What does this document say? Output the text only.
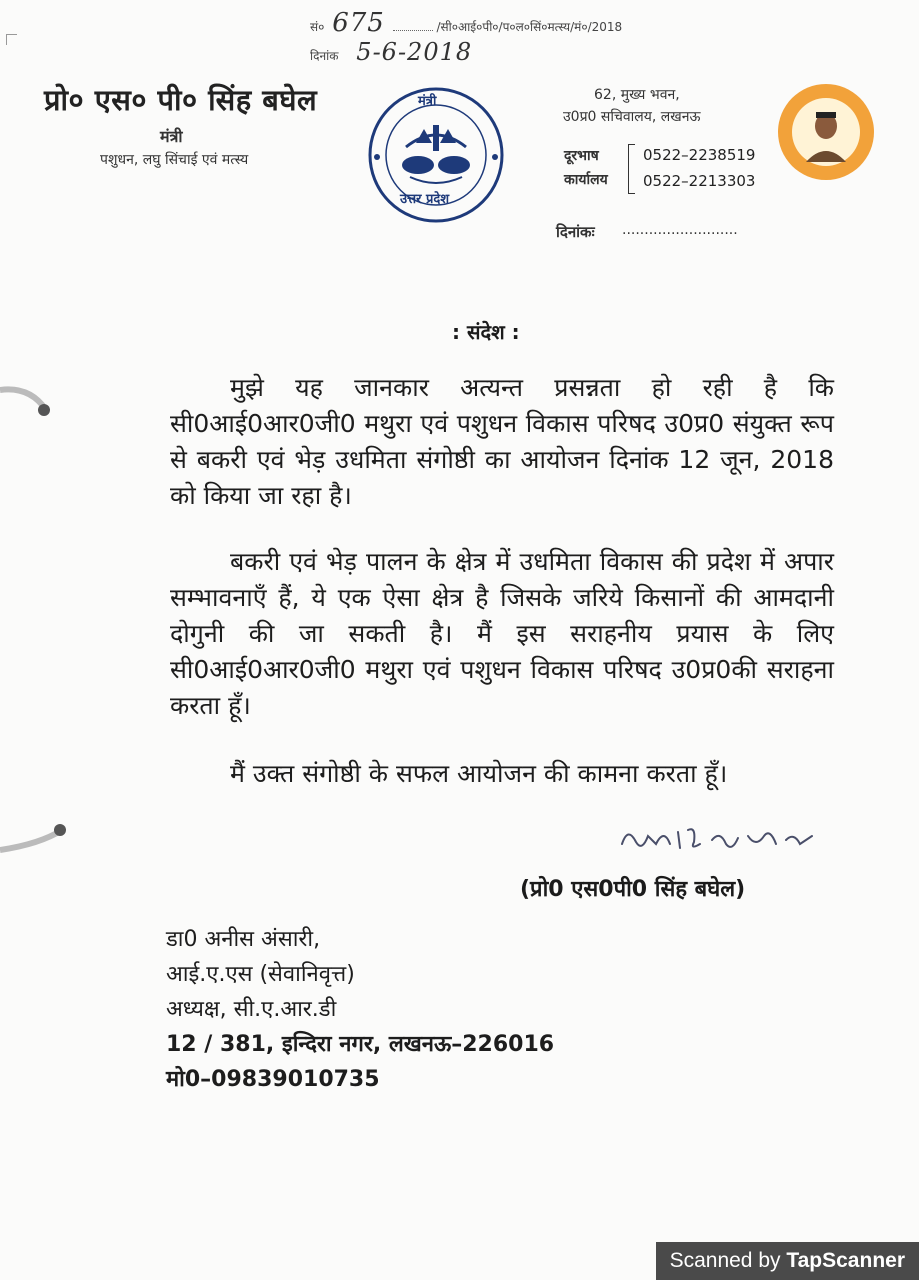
सं० 675	/सी०आई०पी०/प०ल०सिं०मत्स्य/मं०/2018
दिनांक 5-6-2018
प्रो० एस० पी० सिंह बघेल
मंत्री
पशुधन, लघु सिंचाई एवं मत्स्य
मंत्री
उत्तर प्रदेश
62, मुख्य भवन,
उ0प्र0 सचिवालय, लखनऊ
दूरभाष
कार्यालय
0522–2238519
0522–2213303
दिनांकः ..........................
: संदेश :
मुझे यह जानकार अत्यन्त प्रसन्नता हो रही है कि सी0आई0आर0जी0 मथुरा एवं पशुधन विकास परिषद उ0प्र0 संयुक्त रूप से बकरी एवं भेड़ उधमिता संगोष्ठी का आयोजन दिनांक 12 जून, 2018 को किया जा रहा है।
बकरी एवं भेड़ पालन के क्षेत्र में उधमिता विकास की प्रदेश में अपार सम्भावनाएँ हैं, ये एक ऐसा क्षेत्र है जिसके जरिये किसानों की आमदानी दोगुनी की जा सकती है। मैं इस सराहनीय प्रयास के लिए सी0आई0आर0जी0 मथुरा एवं पशुधन विकास परिषद उ0प्र0की सराहना करता हूँ।
मैं उक्त संगोष्ठी के सफल आयोजन की कामना करता हूँ।
(प्रो0 एस0पी0 सिंह बघेल)
डा0 अनीस अंसारी,
आई.ए.एस (सेवानिवृत्त)
अध्यक्ष, सी.ए.आर.डी
12 / 381, इन्दिरा नगर, लखनऊ–226016
मो0–09839010735
Scanned by TapScanner
